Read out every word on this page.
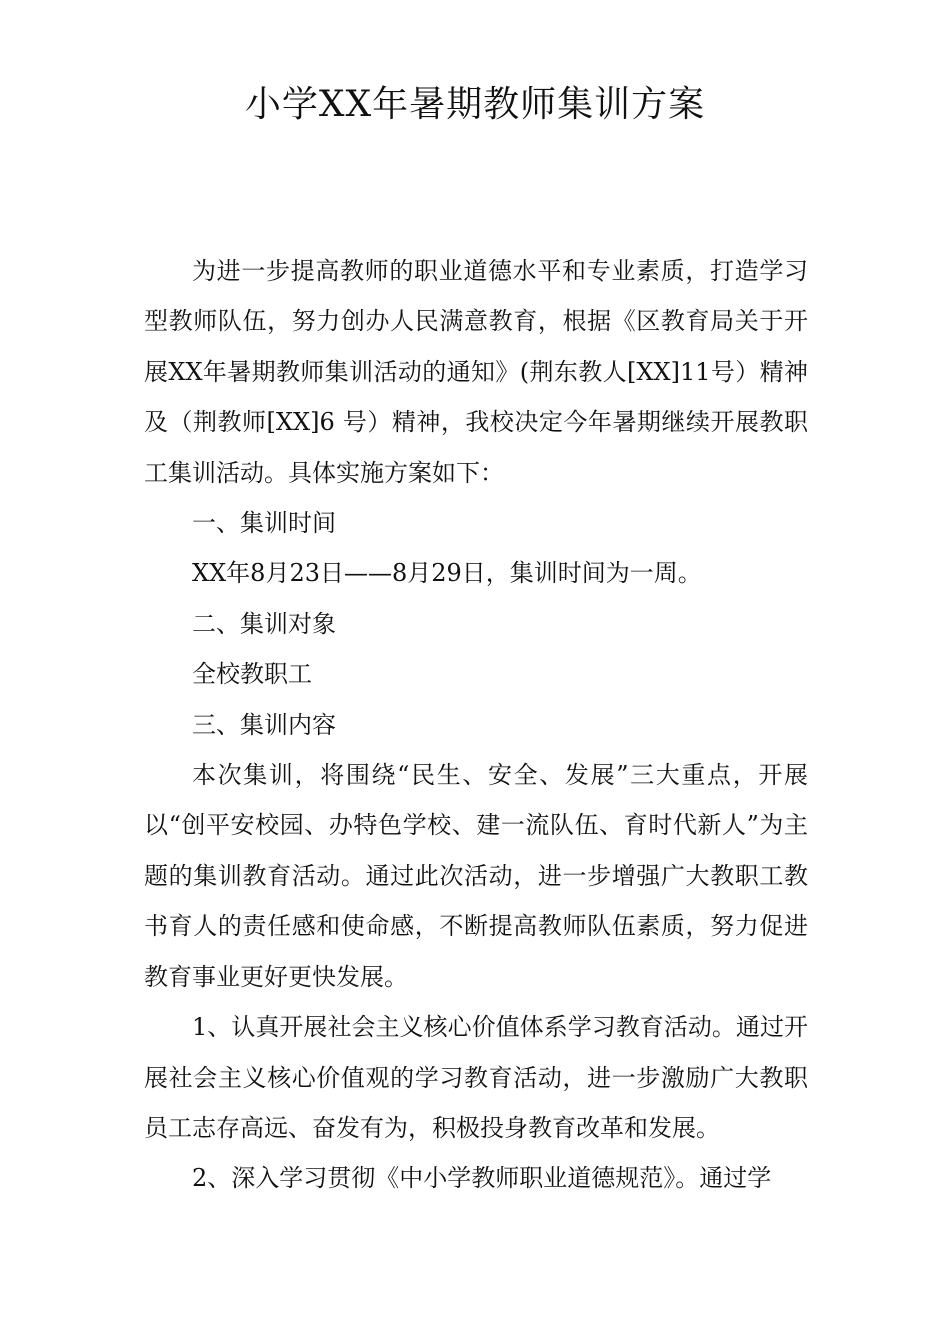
小学XX年暑期教师集训方案

为进一步提高教师的职业道德水平和专业素质，打造学习型教师队伍，努力创办人民满意教育，根据《区教育局关于开展XX年暑期教师集训活动的通知》(荆东教人[XX]11号）精神及（荆教师[XX]6 号）精神，我校决定今年暑期继续开展教职工集训活动。具体实施方案如下：

一、集训时间

XX年8月23日——8月29日，集训时间为一周。

二、集训对象

全校教职工

三、集训内容

本次集训，将围绕“民生、安全、发展”三大重点，开展以“创平安校园、办特色学校、建一流队伍、育时代新人”为主题的集训教育活动。通过此次活动，进一步增强广大教职工教书育人的责任感和使命感，不断提高教师队伍素质，努力促进教育事业更好更快发展。

1、认真开展社会主义核心价值体系学习教育活动。通过开展社会主义核心价值观的学习教育活动，进一步激励广大教职员工志存高远、奋发有为，积极投身教育改革和发展。

2、深入学习贯彻《中小学教师职业道德规范》。通过学
